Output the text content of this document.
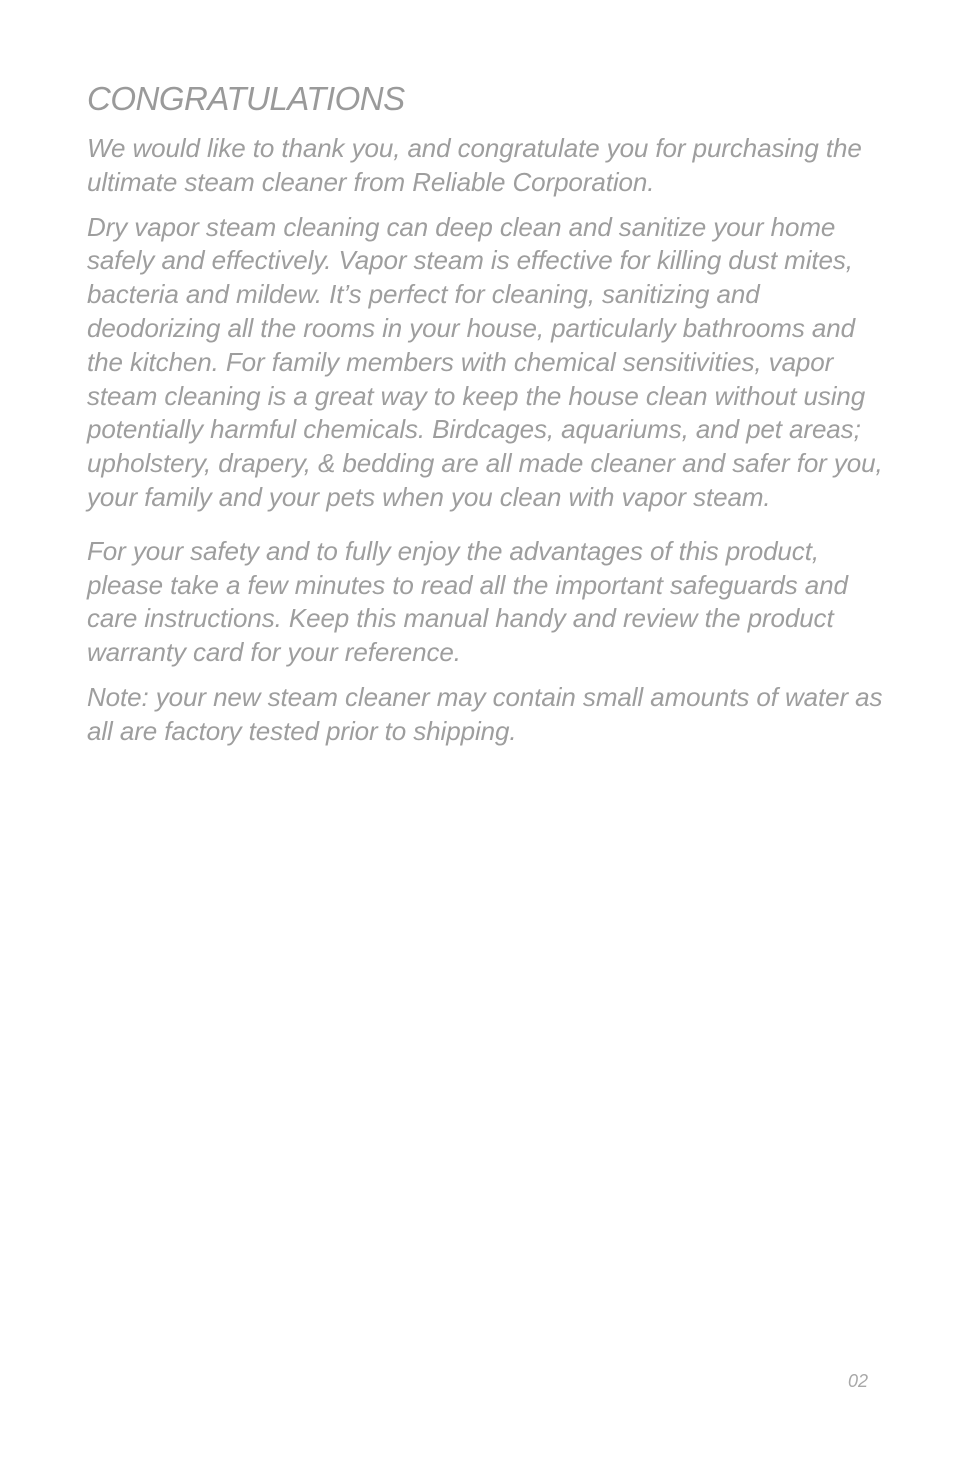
CONGRATULATIONS

We would like to thank you, and congratulate you for purchasing the ultimate steam cleaner from Reliable Corporation.

Dry vapor steam cleaning can deep clean and sanitize your home safely and effectively. Vapor steam is effective for killing dust mites, bacteria and mildew. It’s perfect for cleaning, sanitizing and deodorizing all the rooms in your house, particularly bathrooms and the kitchen. For family members with chemical sensitivities, vapor steam cleaning is a great way to keep the house clean without using potentially harmful chemicals. Birdcages, aquariums, and pet areas; upholstery, drapery, & bedding are all made cleaner and safer for you, your family and your pets when you clean with vapor steam.

For your safety and to fully enjoy the advantages of this product, please take a few minutes to read all the important safeguards and care instructions. Keep this manual handy and review the product warranty card for your reference.

Note: your new steam cleaner may contain small amounts of water as all are factory tested prior to shipping.

02
